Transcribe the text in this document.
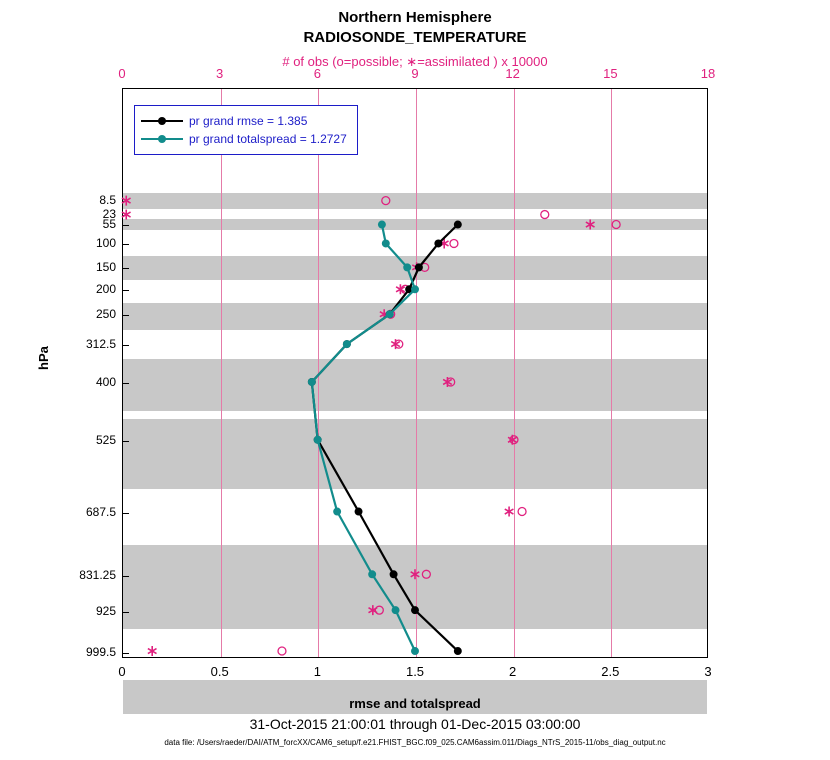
Northern Hemisphere
RADIOSONDE_TEMPERATURE
# of obs (o=possible; ∗=assimilated ) x 10000
hPa
rmse and totalspread
31-Oct-2015 21:00:01 through 01-Dec-2015 03:00:00
data file: /Users/raeder/DAI/ATM_forcXX/CAM6_setup/f.e21.FHIST_BGC.f09_025.CAM6assim.011/Diags_NTrS_2015-11/obs_diag_output.nc
pr grand rmse = 1.385
pr grand totalspread = 1.2727
8.5
23
55
100
150
200
250
312.5
400
525
687.5
831.25
925
999.5
0	0.5	1	1.5	2	2.5	3
0	3	6	9	12	15	18
